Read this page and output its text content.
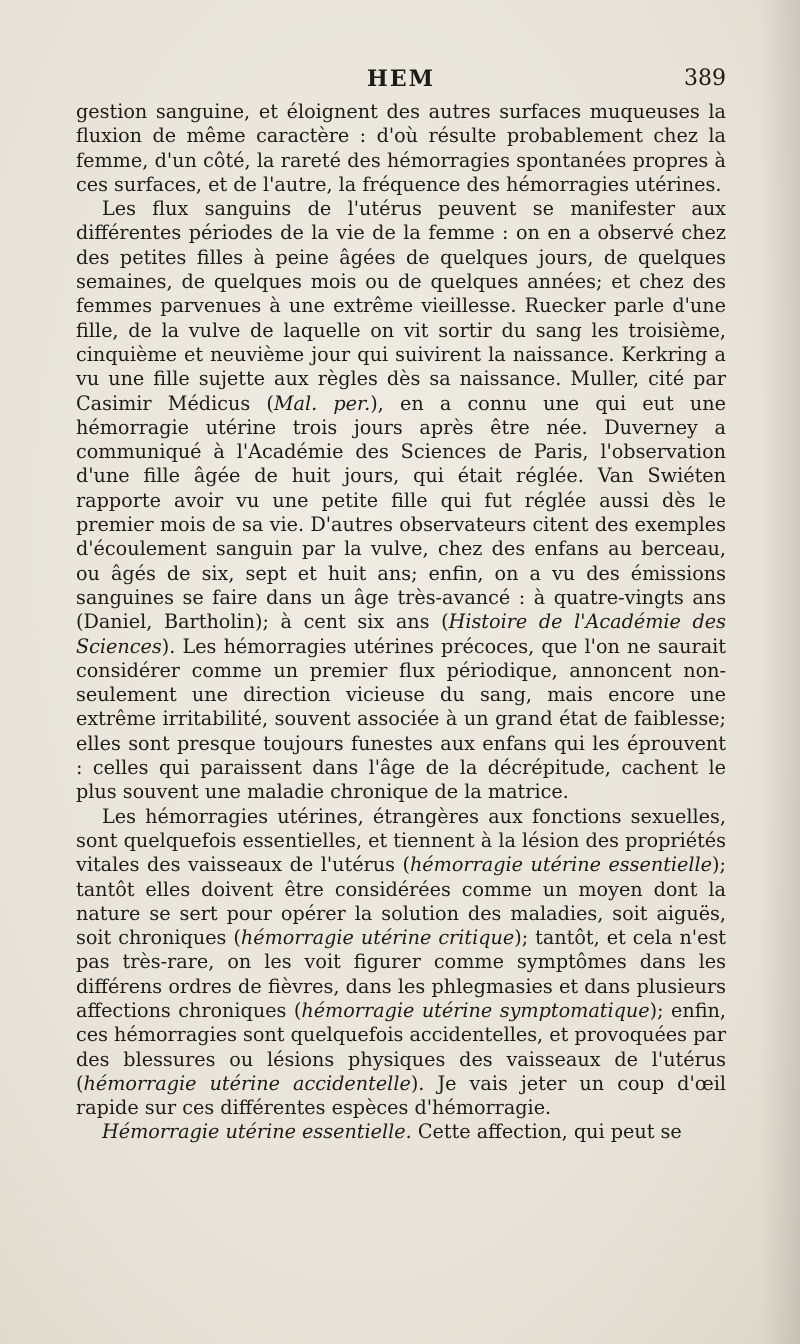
HEM	389

gestion sanguine, et éloignent des autres surfaces muqueuses la fluxion de même caractère : d'où résulte probablement chez la femme, d'un côté, la rareté des hémorragies spontanées propres à ces surfaces, et de l'autre, la fréquence des hémorragies utérines.

Les flux sanguins de l'utérus peuvent se manifester aux différentes périodes de la vie de la femme : on en a observé chez des petites filles à peine âgées de quelques jours, de quelques semaines, de quelques mois ou de quelques années; et chez des femmes parvenues à une extrême vieillesse. Ruecker parle d'une fille, de la vulve de laquelle on vit sortir du sang les troisième, cinquième et neuvième jour qui suivirent la naissance. Kerkring a vu une fille sujette aux règles dès sa naissance. Muller, cité par Casimir Médicus (Mal. per.), en a connu une qui eut une hémorragie utérine trois jours après être née. Duverney a communiqué à l'Académie des Sciences de Paris, l'observation d'une fille âgée de huit jours, qui était réglée. Van Swiéten rapporte avoir vu une petite fille qui fut réglée aussi dès le premier mois de sa vie. D'autres observateurs citent des exemples d'écoulement sanguin par la vulve, chez des enfans au berceau, ou âgés de six, sept et huit ans; enfin, on a vu des émissions sanguines se faire dans un âge très-avancé : à quatre-vingts ans (Daniel, Bartholin); à cent six ans (Histoire de l'Académie des Sciences). Les hémorragies utérines précoces, que l'on ne saurait considérer comme un premier flux périodique, annoncent non-seulement une direction vicieuse du sang, mais encore une extrême irritabilité, souvent associée à un grand état de faiblesse; elles sont presque toujours funestes aux enfans qui les éprouvent : celles qui paraissent dans l'âge de la décrépitude, cachent le plus souvent une maladie chronique de la matrice.

Les hémorragies utérines, étrangères aux fonctions sexuelles, sont quelquefois essentielles, et tiennent à la lésion des propriétés vitales des vaisseaux de l'utérus (hémorragie utérine essentielle); tantôt elles doivent être considérées comme un moyen dont la nature se sert pour opérer la solution des maladies, soit aiguës, soit chroniques (hémorragie utérine critique); tantôt, et cela n'est pas très-rare, on les voit figurer comme symptômes dans les différens ordres de fièvres, dans les phlegmasies et dans plusieurs affections chroniques (hémorragie utérine symptomatique); enfin, ces hémorragies sont quelquefois accidentelles, et provoquées par des blessures ou lésions physiques des vaisseaux de l'utérus (hémorragie utérine accidentelle). Je vais jeter un coup d'œil rapide sur ces différentes espèces d'hémorragie.

Hémorragie utérine essentielle. Cette affection, qui peut se
